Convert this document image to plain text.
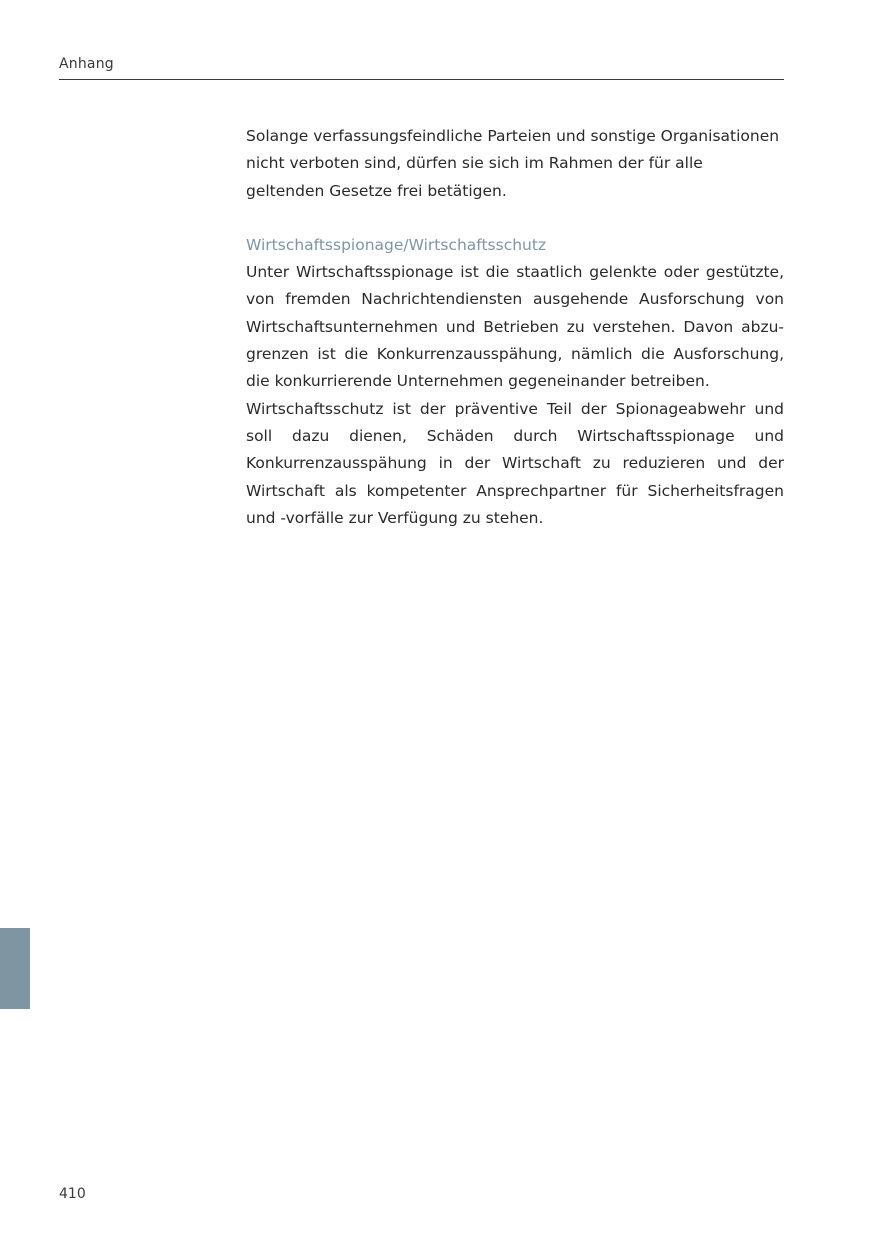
Anhang

Solange verfassungsfeindliche Parteien und sonstige Organisationen nicht verboten sind, dürfen sie sich im Rahmen der für alle geltenden Gesetze frei betätigen.

Wirtschaftsspionage/Wirtschaftsschutz

Unter Wirtschaftsspionage ist die staatlich gelenkte oder gestützte, von fremden Nachrichtendiensten ausgehende Ausforschung von Wirtschaftsunternehmen und Betrieben zu verstehen. Davon abzugrenzen ist die Konkurrenzausspähung, nämlich die Ausforschung, die konkurrierende Unternehmen gegeneinander betreiben.

Wirtschaftsschutz ist der präventive Teil der Spionageabwehr und soll dazu dienen, Schäden durch Wirtschaftsspionage und Konkurrenzausspähung in der Wirtschaft zu reduzieren und der Wirtschaft als kompetenter Ansprechpartner für Sicherheitsfragen und -vorfälle zur Verfügung zu stehen.

410
